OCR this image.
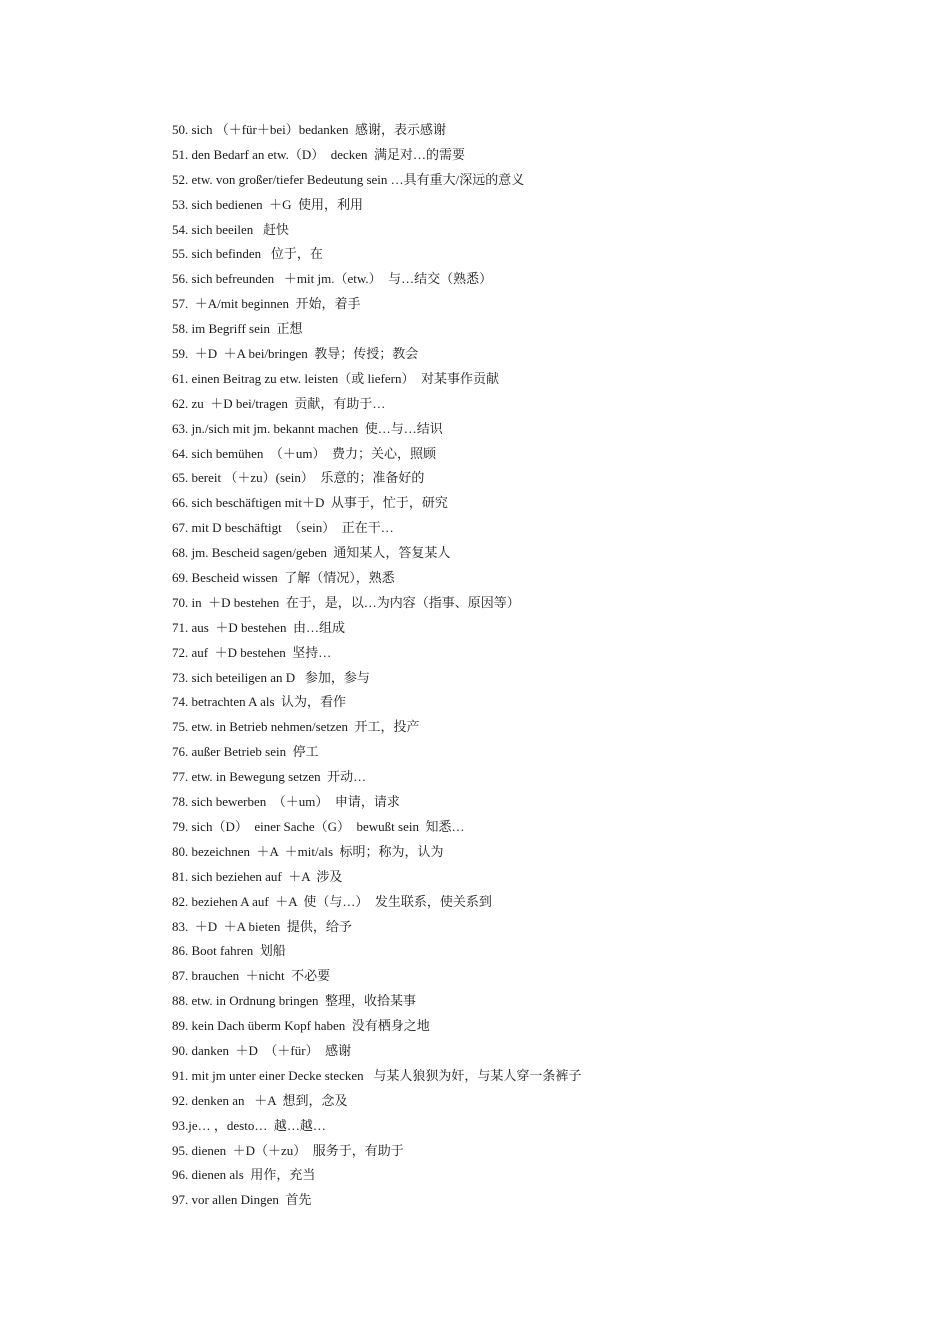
50. sich （＋für＋bei）bedanken  感谢，表示感谢
51. den Bedarf an etw.（D）  decken  满足对…的需要
52. etw. von großer/tiefer Bedeutung sein …具有重大/深远的意义
53. sich bedienen  ＋G  使用，利用
54. sich beeilen   赶快
55. sich befinden   位于，在
56. sich befreunden   ＋mit jm.（etw.）  与…结交（熟悉）
57.  ＋A/mit beginnen  开始，着手
58. im Begriff sein  正想
59.  ＋D  ＋A bei/bringen  教导；传授；教会
61. einen Beitrag zu etw. leisten（或 liefern）  对某事作贡献
62. zu  ＋D bei/tragen  贡献，有助于…
63. jn./sich mit jm. bekannt machen  使…与…结识
64. sich bemühen  （＋um）  费力；关心，照顾
65. bereit （＋zu）(sein）  乐意的；准备好的
66. sich beschäftigen mit＋D  从事于，忙于，研究
67. mit D beschäftigt  （sein）  正在干…
68. jm. Bescheid sagen/geben  通知某人，答复某人
69. Bescheid wissen  了解（情况），熟悉
70. in  ＋D bestehen  在于，是，以…为内容（指事、原因等）
71. aus  ＋D bestehen  由…组成
72. auf  ＋D bestehen  坚持…
73. sich beteiligen an D   参加，参与
74. betrachten A als  认为，看作
75. etw. in Betrieb nehmen/setzen  开工，投产
76. außer Betrieb sein  停工
77. etw. in Bewegung setzen  开动…
78. sich bewerben  （＋um）  申请，请求
79. sich（D）  einer Sache（G）  bewußt sein  知悉…
80. bezeichnen  ＋A  ＋mit/als  标明；称为，认为
81. sich beziehen auf  ＋A  涉及
82. beziehen A auf  ＋A  使（与…）  发生联系，使关系到
83.  ＋D  ＋A bieten  提供，给予
86. Boot fahren  划船
87. brauchen  ＋nicht  不必要
88. etw. in Ordnung bringen  整理，收拾某事
89. kein Dach überm Kopf haben  没有栖身之地
90. danken  ＋D  （＋für）  感谢
91. mit jm unter einer Decke stecken   与某人狼狈为奸，与某人穿一条裤子
92. denken an   ＋A  想到，念及
93.je… ，desto…  越…越…
95. dienen  ＋D（＋zu）  服务于，有助于
96. dienen als  用作，充当
97. vor allen Dingen  首先
